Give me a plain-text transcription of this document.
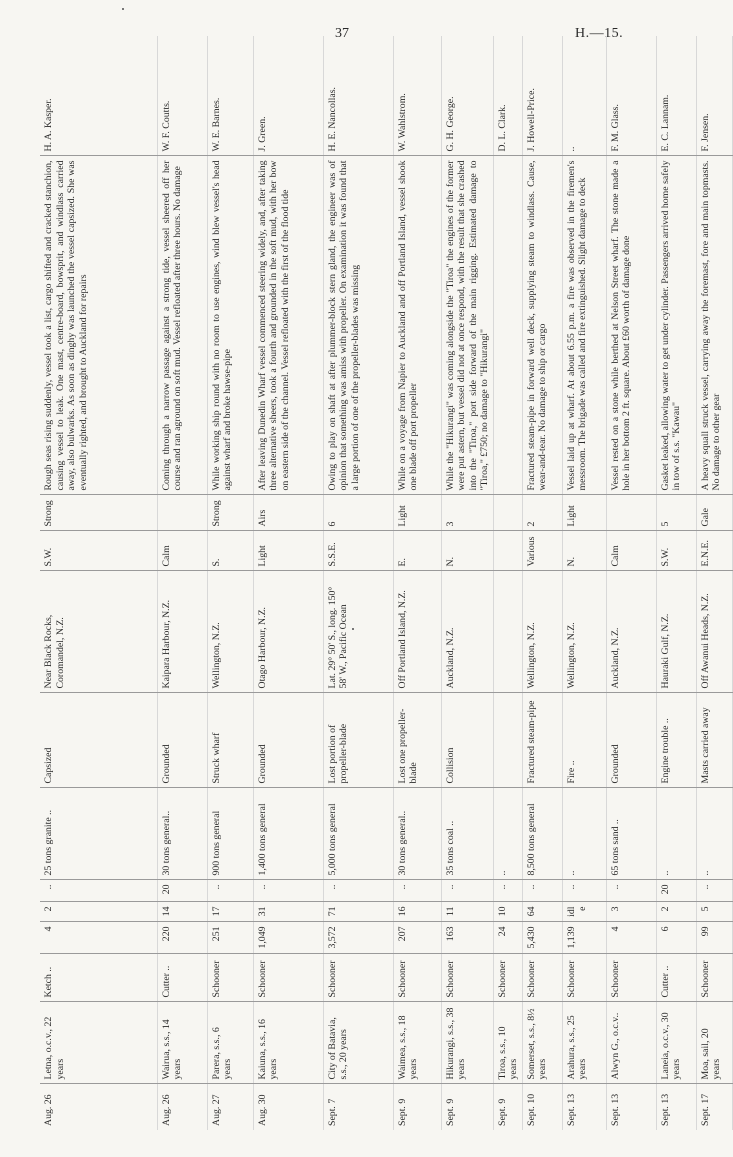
37	H.—15.
Aug. 26	Letna, o.c.v., 22 years	Ketch ..	4	2	..	25 tons granite ..	Capsized	Near Black Rocks, Coromandel, N.Z.	S.W.	Strong	Rough seas rising suddenly, vessel took a list, cargo shifted and cracked stanchion, causing vessel to leak. One mast, centre-board, bowsprit, and windlass carried away, also bulwarks. As soon as dinghy was launched the vessel capsized. She was eventually righted, and brought to Auckland for repairs	H. A. Kasper.
Aug. 26	Wairua, s.s., 14 years	Cutter ..	220	14	20	30 tons general..	Grounded	Kaipara Harbour, N.Z.	Calm		Coming through a narrow passage against a strong tide, vessel sheered off her course and ran aground on soft mud. Vessel refloated after three hours. No damage	W. F. Coutts.
Aug. 27	Parera, s.s., 6 years	Schooner	251	17	..	900 tons general	Struck wharf	Wellington, N.Z.	S.	Strong	While working ship round with no room to use engines, wind blew vessel's head against wharf and broke hawse-pipe	W. E. Barnes.
Aug. 30	Kaiuna, s.s., 16 years	Schooner	1,049	31	..	1,400 tons general	Grounded	Otago Harbour, N.Z.	Light	Airs	After leaving Dunedin Wharf vessel commenced steering widely, and, after taking three alternative sheers, took a fourth and grounded in the soft mud, with her bow on eastern side of the channel. Vessel refloated with the first of the flood tide	J. Green.
Sept. 7	City of Batavia, s.s., 20 years	Schooner	3,572	71	..	5,000 tons general	Lost portion of propeller-blade	Lat. 29° 50' S., long. 150° 58' W., Pacific Ocean	S.S.E.	6	Owing to play on shaft at after plummer-block stern gland, the engineer was of opinion that something was amiss with propeller. On examination it was found that a large portion of one of the propeller-blades was missing	H. E. Nancollas.
Sept. 9	Waimea, s.s., 18 years	Schooner	207	16	..	30 tons general..	Lost one propeller-blade	Off Portland Island, N.Z.	E.	Light	While on a voyage from Napier to Auckland and off Portland Island, vessel shook one blade off port propeller	W. Wahlstrom.
Sept. 9	Hikurangi, s.s., 38 years	Schooner	163	11	..	35 tons coal ..	Collision	Auckland, N.Z.	N.	3	While the "Hikurangi" was coming alongside the "Tiroa" the engines of the former were put astern, but vessel did not at once respond, with the result that she crashed into the "Tiroa," port side forward of the main rigging. Estimated damage to "Tiroa," £750; no damage to "Hikurangi"	G. H. George.
Sept. 9	Tiroa, s.s., 10 years	Schooner	24	10	..	..						D. L. Clark.
Sept. 10	Somerset, s.s., 8½ years	Schooner	5,430	64	..	8,500 tons general	Fractured steam-pipe	Wellington, N.Z.	Various	2	Fractured steam-pipe in forward well deck, supplying steam to windlass. Cause, wear-and-tear. No damage to ship or cargo	J. Howell-Price.
Sept. 13	Arahura, s.s., 25 years	Schooner	1,139	idle	..	..	Fire ..	Wellington, N.Z.	N.	Light	Vessel laid up at wharf. At about 6.55 p.m. a fire was observed in the firemen's messroom. The brigade was called and fire extinguished. Slight damage to deck	..
Sept. 13	Alwyn G., o.c.v..	Schooner	4	3	..	65 tons sand ..	Grounded	Auckland, N.Z.	Calm		Vessel rested on a stone while berthed at Nelson Street wharf. The stone made a hole in her bottom 2 ft. square. About £60 worth of damage done	F. M. Glass.
Sept. 13	Laneia, o.c.v., 30 years	Cutter ..	6	2	20	..	Engine trouble ..	Hauraki Gulf, N.Z.	S.W.	5	Gasket leaked, allowing water to get under cylinder. Passengers arrived home safely in tow of s.s. "Kawau"	E. C. Lannam.
Sept. 17	Moa, sail, 20 years	Schooner	99	5	..	..	Masts carried away	Off Awanui Heads, N.Z.	E.N.E.	Gale	A heavy squall struck vessel, carrying away the foremast, fore and main topmasts. No damage to other gear	F. Jensen.
